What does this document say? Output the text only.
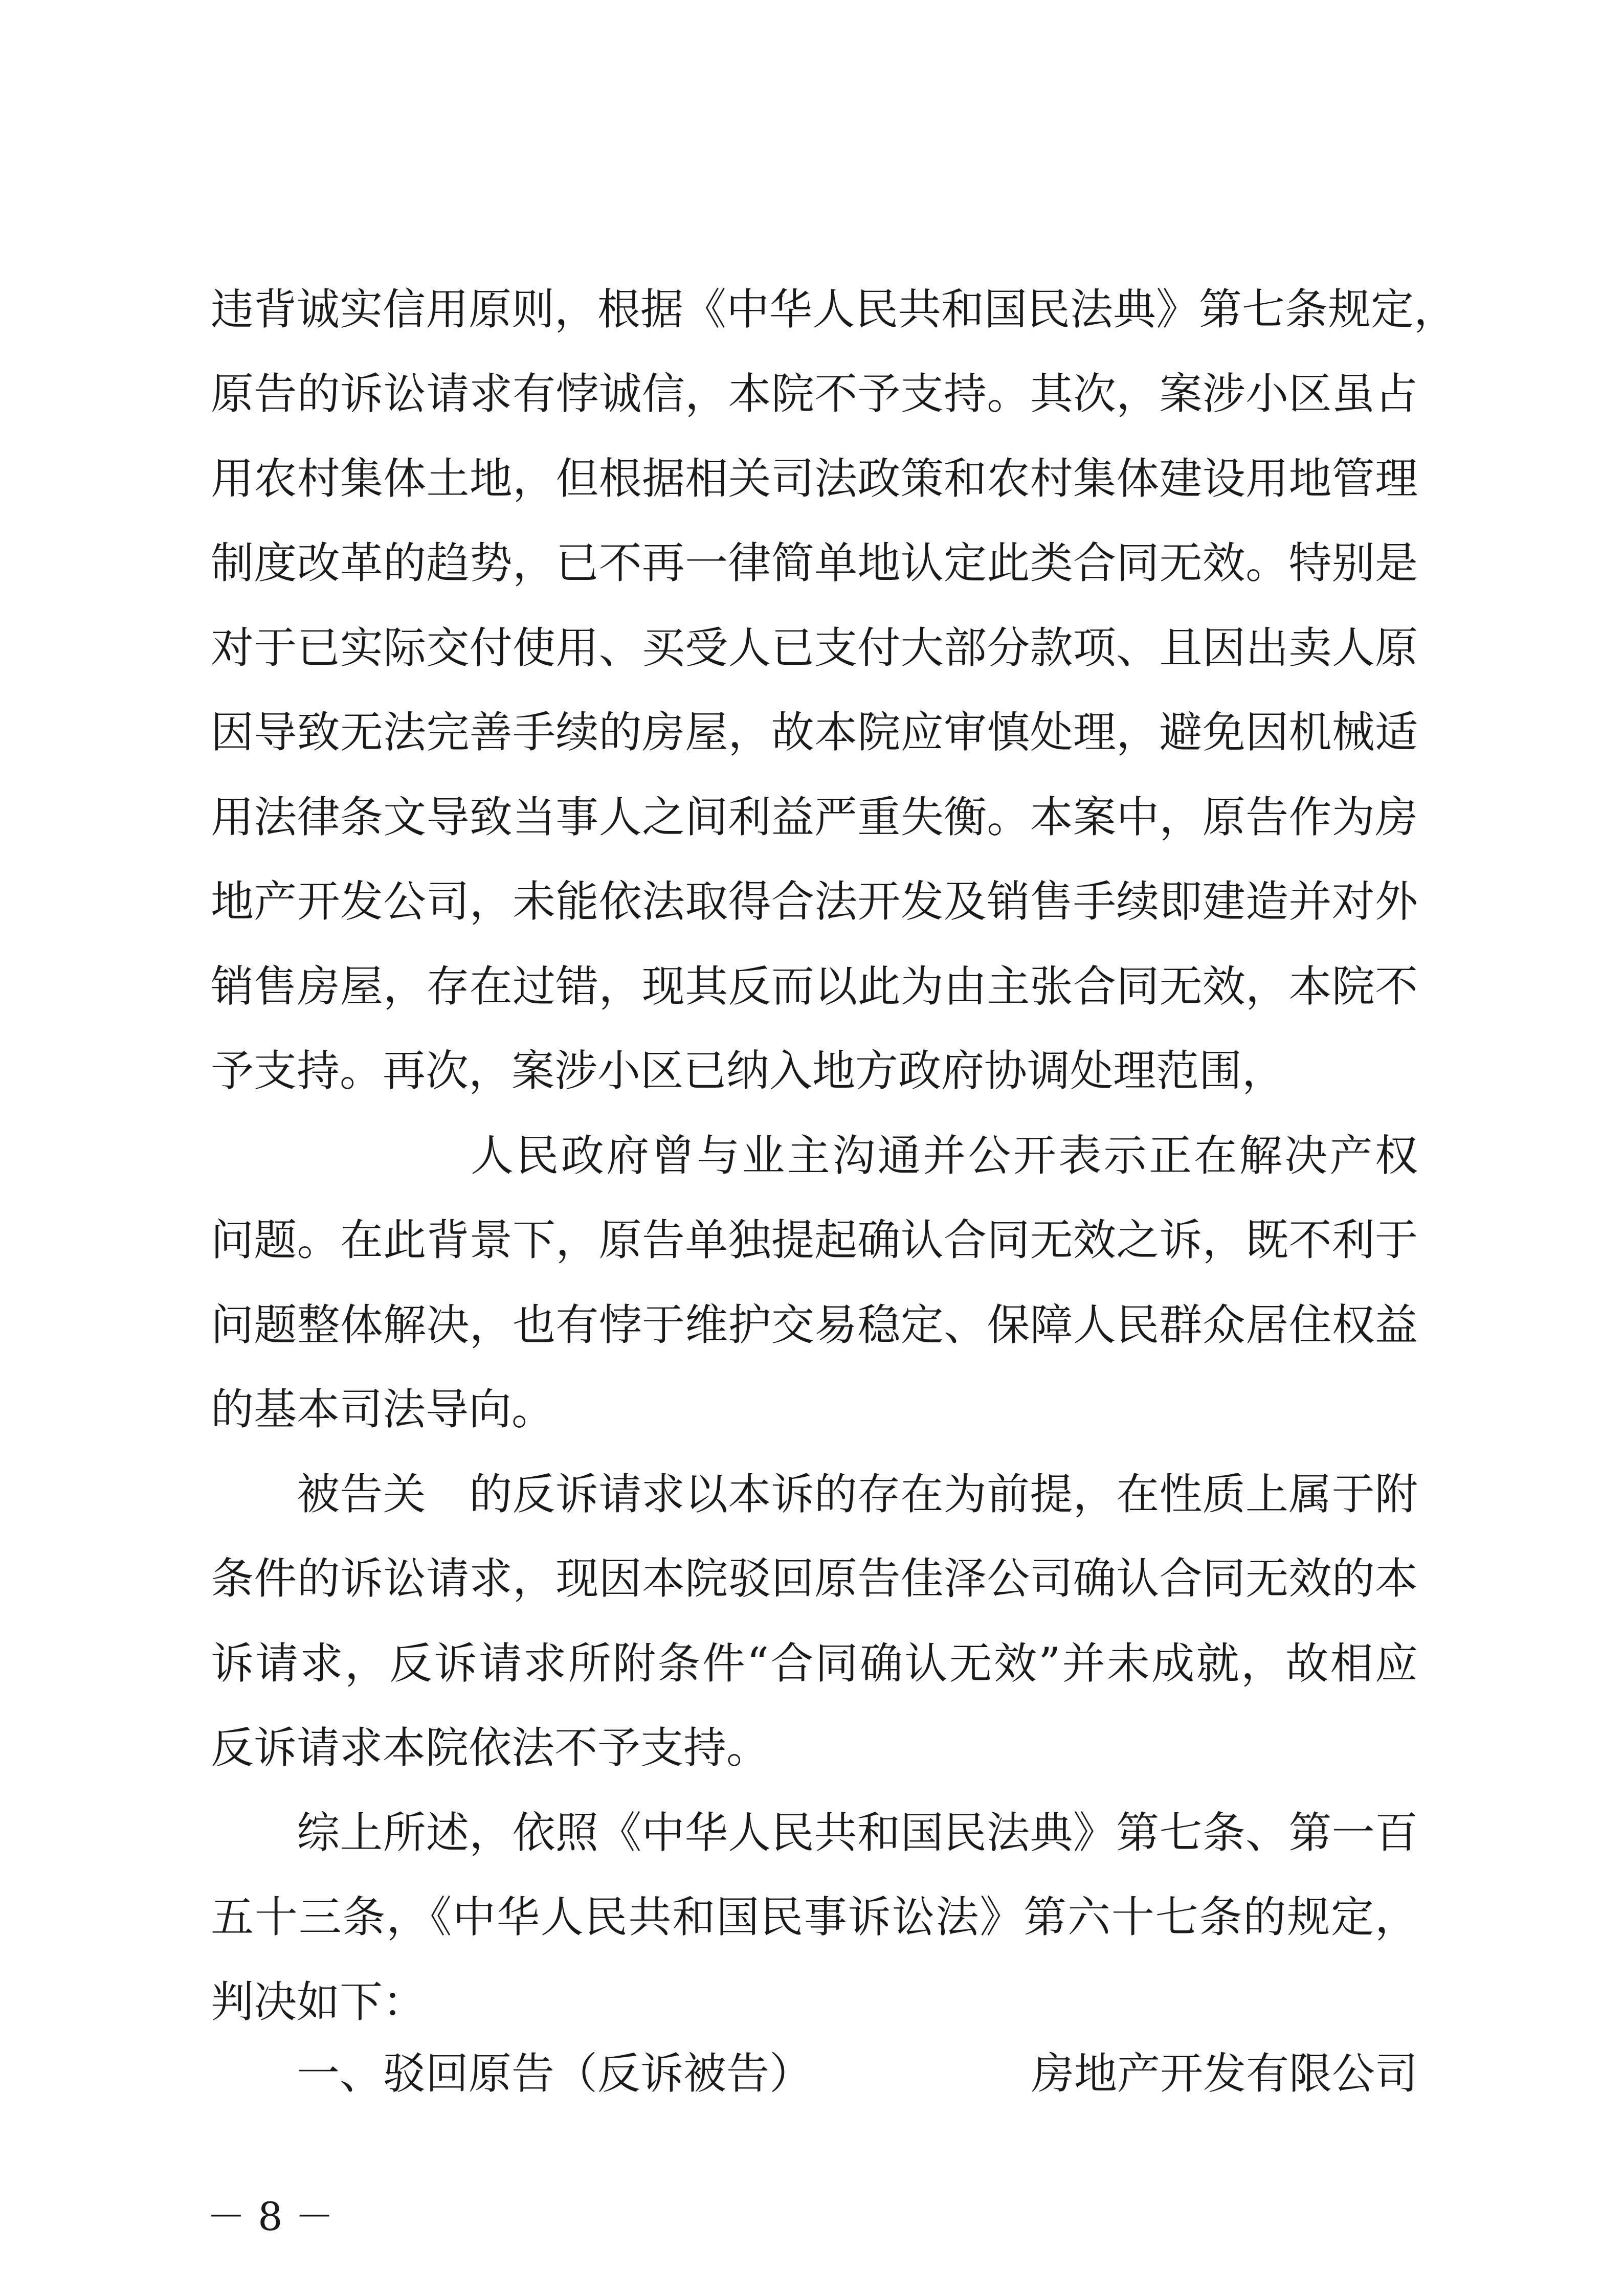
违背诚实信用原则，根据《中华人民共和国民法典》第七条规定，
原告的诉讼请求有悖诚信，本院不予支持。其次，案涉小区虽占
用农村集体土地，但根据相关司法政策和农村集体建设用地管理
制度改革的趋势，已不再一律简单地认定此类合同无效。特别是
对于已实际交付使用、买受人已支付大部分款项、且因出卖人原
因导致无法完善手续的房屋，故本院应审慎处理，避免因机械适
用法律条文导致当事人之间利益严重失衡。本案中，原告作为房
地产开发公司，未能依法取得合法开发及销售手续即建造并对外
销售房屋，存在过错，现其反而以此为由主张合同无效，本院不
予支持。再次，案涉小区已纳入地方政府协调处理范围，
人民政府曾与业主沟通并公开表示正在解决产权
问题。在此背景下，原告单独提起确认合同无效之诉，既不利于
问题整体解决，也有悖于维护交易稳定、保障人民群众居住权益
的基本司法导向。
被告关　的反诉请求以本诉的存在为前提，在性质上属于附
条件的诉讼请求，现因本院驳回原告佳泽公司确认合同无效的本
诉请求，反诉请求所附条件“合同确认无效”并未成就，故相应
反诉请求本院依法不予支持。
综上所述，依照《中华人民共和国民法典》第七条、第一百
五十三条，《中华人民共和国民事诉讼法》第六十七条的规定，
判决如下：
一、驳回原告（反诉被告）	房地产开发有限公司
－ 8 －
